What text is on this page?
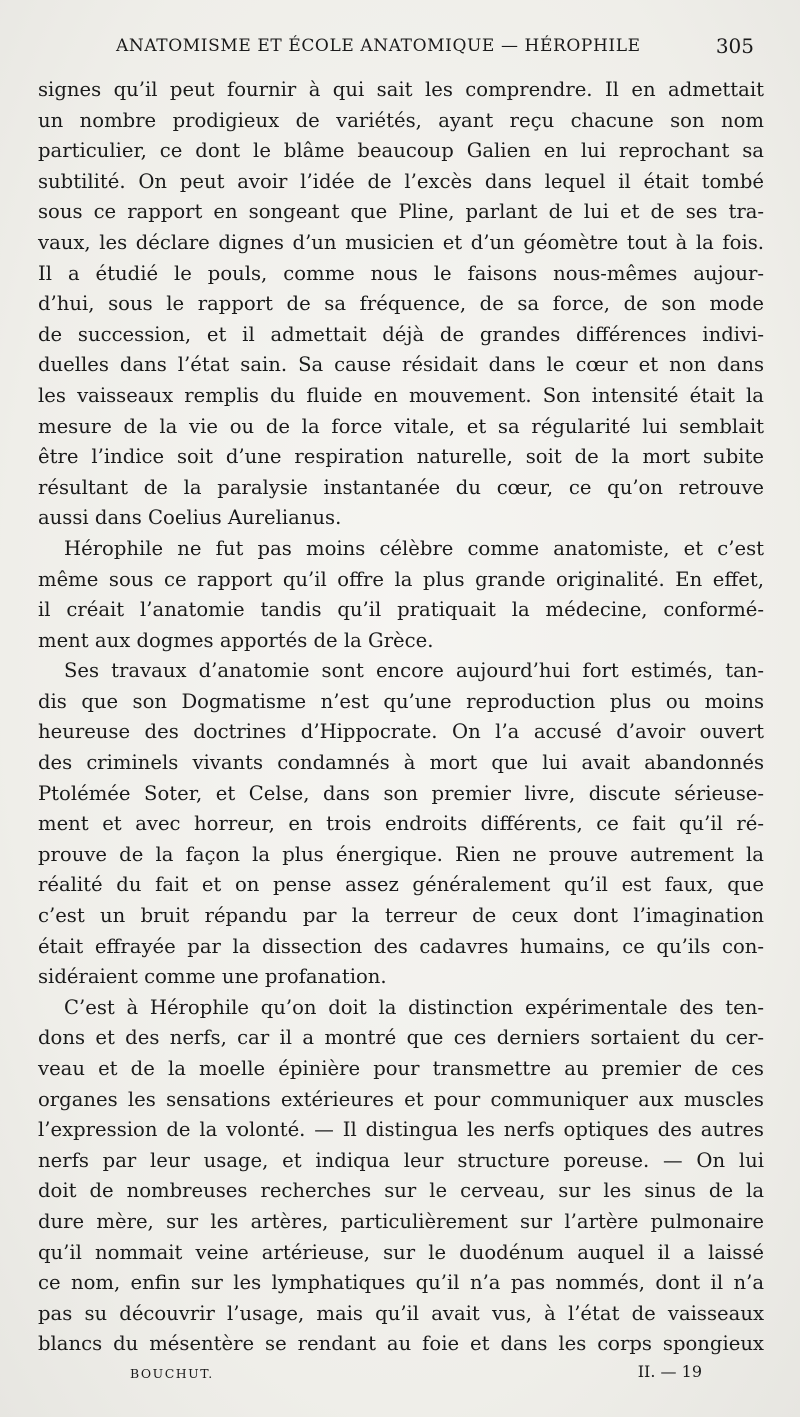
ANATOMISME ET ÉCOLE ANATOMIQUE — HÉROPHILE	305
signes qu’il peut fournir à qui sait les comprendre. Il en admettait
un nombre prodigieux de variétés, ayant reçu chacune son nom
particulier, ce dont le blâme beaucoup Galien en lui reprochant sa
subtilité. On peut avoir l’idée de l’excès dans lequel il était tombé
sous ce rapport en songeant que Pline, parlant de lui et de ses tra-
vaux, les déclare dignes d’un musicien et d’un géomètre tout à la fois.
Il a étudié le pouls, comme nous le faisons nous-mêmes aujour-
d’hui, sous le rapport de sa fréquence, de sa force, de son mode
de succession, et il admettait déjà de grandes différences indivi-
duelles dans l’état sain. Sa cause résidait dans le cœur et non dans
les vaisseaux remplis du fluide en mouvement. Son intensité était la
mesure de la vie ou de la force vitale, et sa régularité lui semblait
être l’indice soit d’une respiration naturelle, soit de la mort subite
résultant de la paralysie instantanée du cœur, ce qu’on retrouve
aussi dans Coelius Aurelianus.
Hérophile ne fut pas moins célèbre comme anatomiste, et c’est
même sous ce rapport qu’il offre la plus grande originalité. En effet,
il créait l’anatomie tandis qu’il pratiquait la médecine, conformé-
ment aux dogmes apportés de la Grèce.
Ses travaux d’anatomie sont encore aujourd’hui fort estimés, tan-
dis que son Dogmatisme n’est qu’une reproduction plus ou moins
heureuse des doctrines d’Hippocrate. On l’a accusé d’avoir ouvert
des criminels vivants condamnés à mort que lui avait abandonnés
Ptolémée Soter, et Celse, dans son premier livre, discute sérieuse-
ment et avec horreur, en trois endroits différents, ce fait qu’il ré-
prouve de la façon la plus énergique. Rien ne prouve autrement la
réalité du fait et on pense assez généralement qu’il est faux, que
c’est un bruit répandu par la terreur de ceux dont l’imagination
était effrayée par la dissection des cadavres humains, ce qu’ils con-
sidéraient comme une profanation.
C’est à Hérophile qu’on doit la distinction expérimentale des ten-
dons et des nerfs, car il a montré que ces derniers sortaient du cer-
veau et de la moelle épinière pour transmettre au premier de ces
organes les sensations extérieures et pour communiquer aux muscles
l’expression de la volonté. — Il distingua les nerfs optiques des autres
nerfs par leur usage, et indiqua leur structure poreuse. — On lui
doit de nombreuses recherches sur le cerveau, sur les sinus de la
dure mère, sur les artères, particulièrement sur l’artère pulmonaire
qu’il nommait veine artérieuse, sur le duodénum auquel il a laissé
ce nom, enfin sur les lymphatiques qu’il n’a pas nommés, dont il n’a
pas su découvrir l’usage, mais qu’il avait vus, à l’état de vaisseaux
blancs du mésentère se rendant au foie et dans les corps spongieux
BOUCHUT.	II. — 19
